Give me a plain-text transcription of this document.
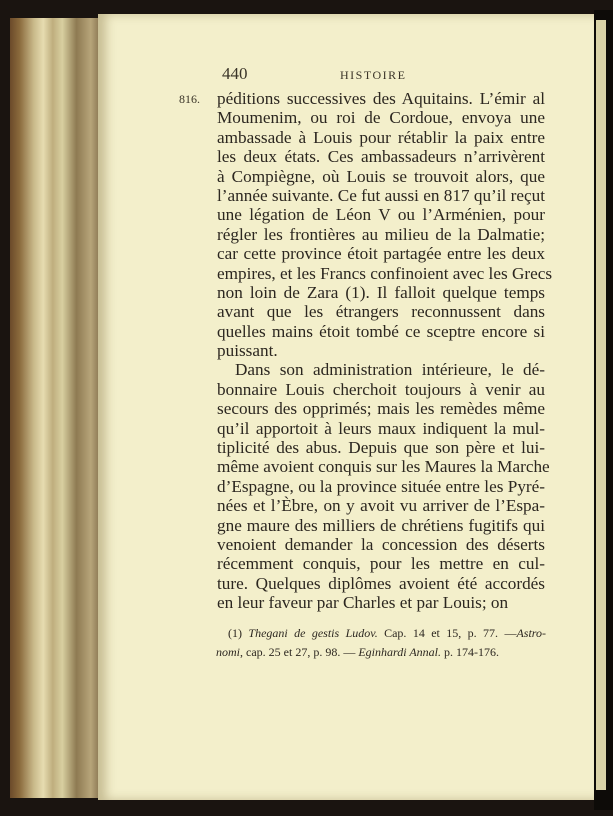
440	HISTOIRE
816. péditions successives des Aquitains. L’émir al
Moumenim, ou roi de Cordoue, envoya une
ambassade à Louis pour rétablir la paix entre
les deux états. Ces ambassadeurs n’arrivèrent
à Compiègne, où Louis se trouvoit alors, que
l’année suivante. Ce fut aussi en 817 qu’il reçut
une légation de Léon V ou l’Arménien, pour
régler les frontières au milieu de la Dalmatie;
car cette province étoit partagée entre les deux
empires, et les Francs confinoient avec les Grecs
non loin de Zara (1). Il falloit quelque temps
avant que les étrangers reconnussent dans
quelles mains étoit tombé ce sceptre encore si
puissant.
Dans son administration intérieure, le dé-
bonnaire Louis cherchoit toujours à venir au
secours des opprimés; mais les remèdes même
qu’il apportoit à leurs maux indiquent la mul-
tiplicité des abus. Depuis que son père et lui-
même avoient conquis sur les Maures la Marche
d’Espagne, ou la province située entre les Pyré-
nées et l’Èbre, on y avoit vu arriver de l’Espa-
gne maure des milliers de chrétiens fugitifs qui
venoient demander la concession des déserts
récemment conquis, pour les mettre en cul-
ture. Quelques diplômes avoient été accordés
en leur faveur par Charles et par Louis; on
(1) Thegani de gestis Ludov. Cap. 14 et 15, p. 77. —Astro-
nomi, cap. 25 et 27, p. 98. — Eginhardi Annal. p. 174-176.
